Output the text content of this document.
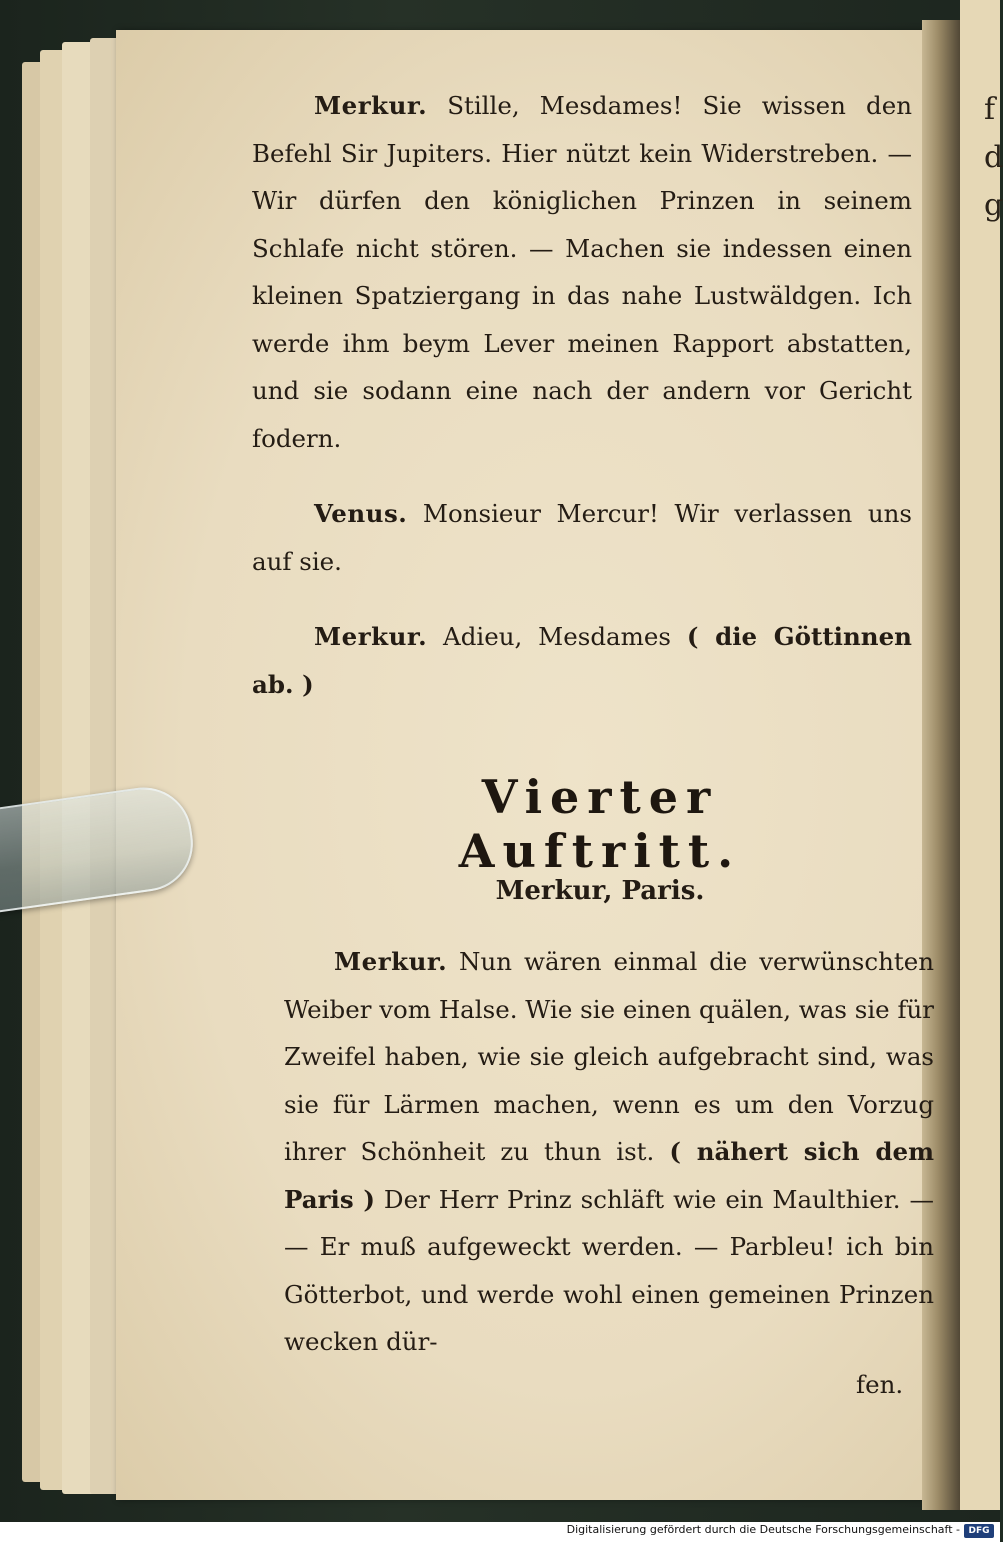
f
d
g

Merkur. Stille, Mesdames! Sie wissen den Befehl Sir Jupiters. Hier nützt kein Widerstreben. — Wir dürfen den königlichen Prinzen in seinem Schlafe nicht stören. — Machen sie indessen einen kleinen Spatziergang in das nahe Lustwäldgen. Ich werde ihm beym Lever meinen Rapport abstatten, und sie sodann eine nach der andern vor Gericht fodern.

Venus. Monsieur Mercur! Wir verlassen uns auf sie.

Merkur. Adieu, Mesdames ( die Göttinnen ab. )

Vierter Auftritt.
Merkur, Paris.

Merkur. Nun wären einmal die verwünschten Weiber vom Halse. Wie sie einen quälen, was sie für Zweifel haben, wie sie gleich aufgebracht sind, was sie für Lärmen machen, wenn es um den Vorzug ihrer Schönheit zu thun ist. ( nähert sich dem Paris ) Der Herr Prinz schläft wie ein Maulthier. — — Er muß aufgeweckt werden. — Parbleu! ich bin Götterbot, und werde wohl einen gemeinen Prinzen wecken dür-

fen.
Digitalisierung gefördert durch die Deutsche Forschungsgemeinschaft - DFG
